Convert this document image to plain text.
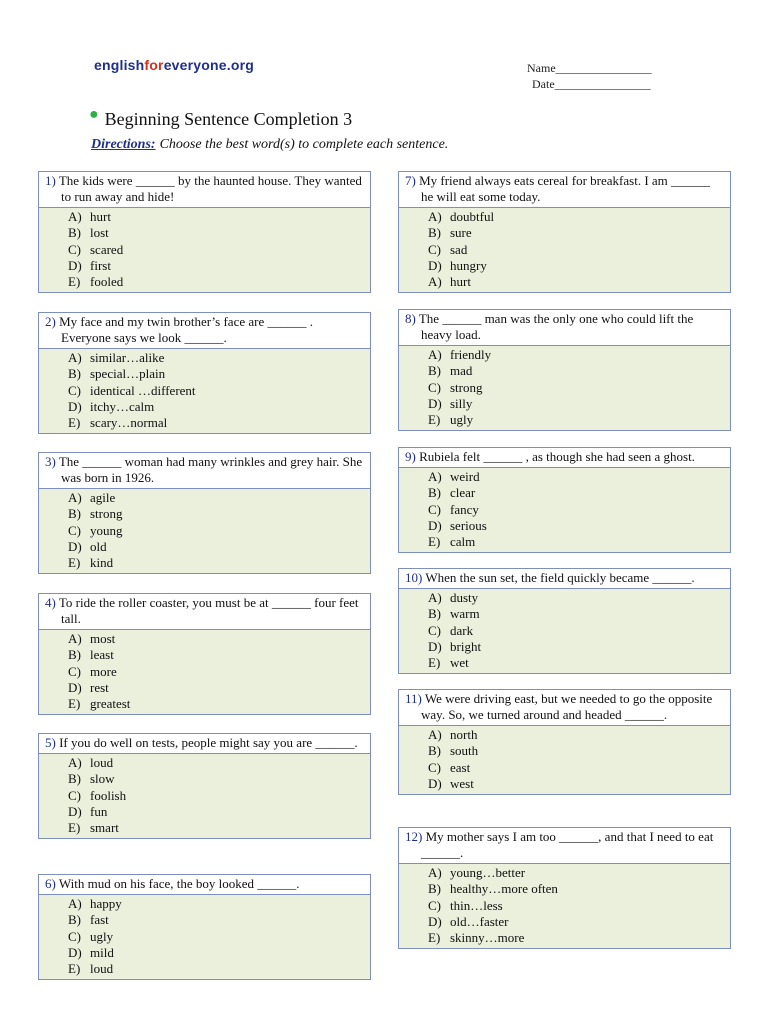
englishforeveryone.org	Name________________
Date________________
● Beginning Sentence Completion 3
Directions: Choose the best word(s) to complete each sentence.
1) The kids were ______ by the haunted house. They wanted to run away and hide!
A) hurt
B) lost
C) scared
D) first
E) fooled
2) My face and my twin brother’s face are ______ . Everyone says we look ______.
A) similar…alike
B) special…plain
C) identical …different
D) itchy…calm
E) scary…normal
3) The ______ woman had many wrinkles and grey hair. She was born in 1926.
A) agile
B) strong
C) young
D) old
E) kind
4) To ride the roller coaster, you must be at ______ four feet tall.
A) most
B) least
C) more
D) rest
E) greatest
5) If you do well on tests, people might say you are ______.
A) loud
B) slow
C) foolish
D) fun
E) smart
6) With mud on his face, the boy looked ______.
A) happy
B) fast
C) ugly
D) mild
E) loud
7) My friend always eats cereal for breakfast. I am ______ he will eat some today.
A) doubtful
B) sure
C) sad
D) hungry
A) hurt
8) The ______ man was the only one who could lift the heavy load.
A) friendly
B) mad
C) strong
D) silly
E) ugly
9) Rubiela felt ______ , as though she had seen a ghost.
A) weird
B) clear
C) fancy
D) serious
E) calm
10) When the sun set, the field quickly became ______.
A) dusty
B) warm
C) dark
D) bright
E) wet
11) We were driving east, but we needed to go the opposite way. So, we turned around and headed ______.
A) north
B) south
C) east
D) west
12) My mother says I am too ______, and that I need to eat ______.
A) young…better
B) healthy…more often
C) thin…less
D) old…faster
E) skinny…more
